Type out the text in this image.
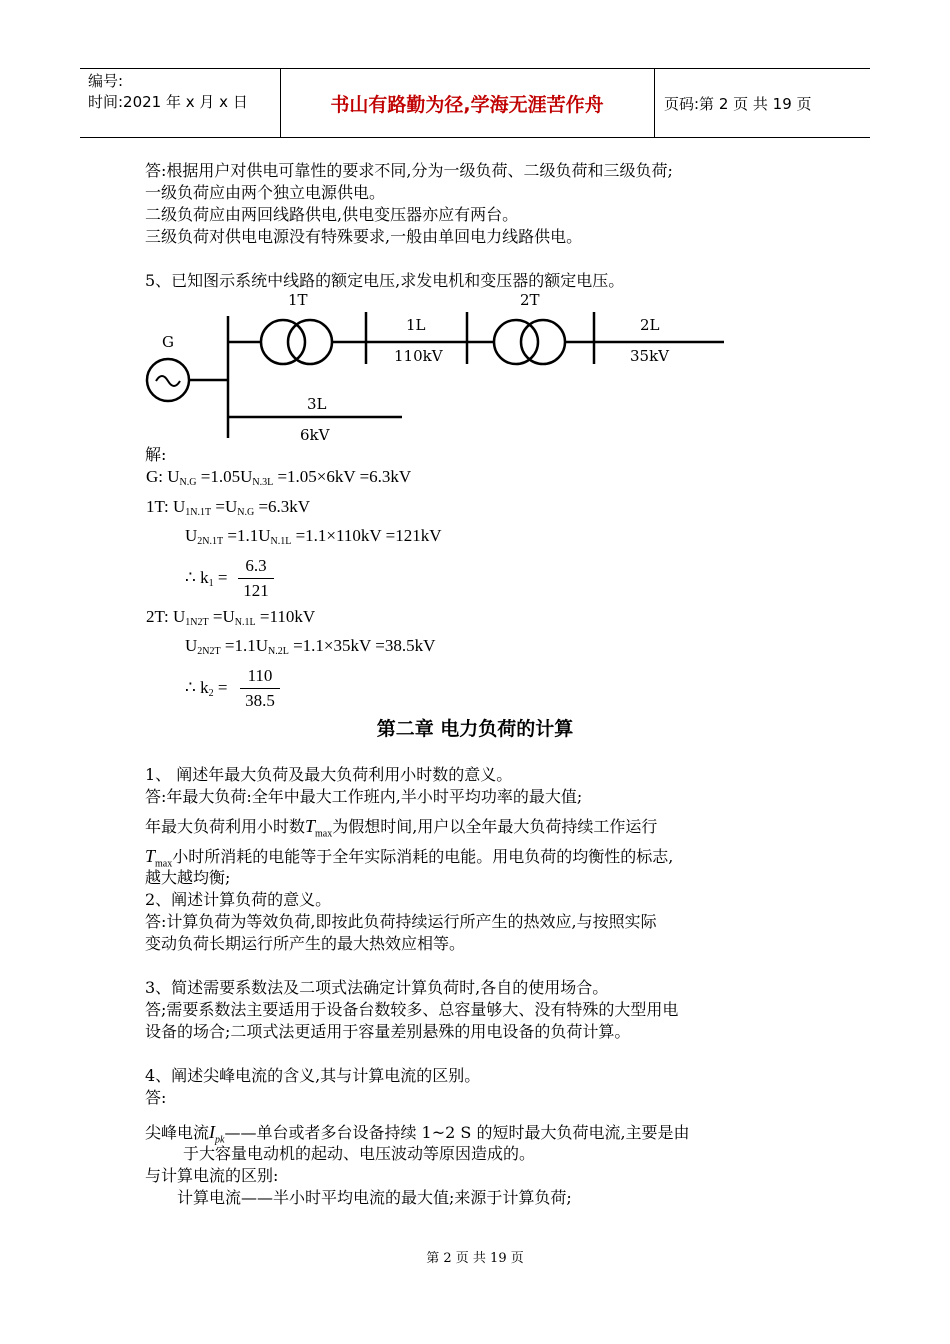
编号:
时间:2021 年 x 月 x 日	书山有路勤为径,学海无涯苦作舟	页码:第 2 页 共 19 页
答:根据用户对供电可靠性的要求不同,分为一级负荷、二级负荷和三级负荷;
一级负荷应由两个独立电源供电。
二级负荷应由两回线路供电,供电变压器亦应有两台。
三级负荷对供电电源没有特殊要求,一般由单回电力线路供电。
5、已知图示系统中线路的额定电压,求发电机和变压器的额定电压。
G
1T	2T
1L
110kV
2L
35kV
3L
6kV
解:
G: $U_{N.G} =1.05U_{N.3L} =1.05\times 6kV =6.3kV$
1T: $U_{1N.1T} =U_{N.G} =6.3kV$
$U_{2N.1T} =1.1U_{N.1L} =1.1\times 110kV =121kV$
∴ $k_1 = \frac{6.3}{121}$
2T: $U_{1N2T} =U_{N.1L} =110kV$
$U_{2N2T} =1.1U_{N.2L} =1.1\times 35kV =38.5kV$
∴ $k_2 = \frac{110}{38.5}$
第二章 电力负荷的计算
1、 阐述年最大负荷及最大负荷利用小时数的意义。
答:年最大负荷:全年中最大工作班内,半小时平均功率的最大值;
年最大负荷利用小时数$T_{max}$为假想时间,用户以全年最大负荷持续工作运行
$T_{max}$小时所消耗的电能等于全年实际消耗的电能。用电负荷的均衡性的标志,
越大越均衡;
2、阐述计算负荷的意义。
答:计算负荷为等效负荷,即按此负荷持续运行所产生的热效应,与按照实际
变动负荷长期运行所产生的最大热效应相等。
3、简述需要系数法及二项式法确定计算负荷时,各自的使用场合。
答;需要系数法主要适用于设备台数较多、总容量够大、没有特殊的大型用电
设备的场合;二项式法更适用于容量差别悬殊的用电设备的负荷计算。
4、阐述尖峰电流的含义,其与计算电流的区别。
答:
尖峰电流$I_{pk}——$单台或者多台设备持续 1~2 S 的短时最大负荷电流,主要是由
于大容量电动机的起动、电压波动等原因造成的。
与计算电流的区别:
计算电流——半小时平均电流的最大值;来源于计算负荷;
第 2 页 共 19 页
